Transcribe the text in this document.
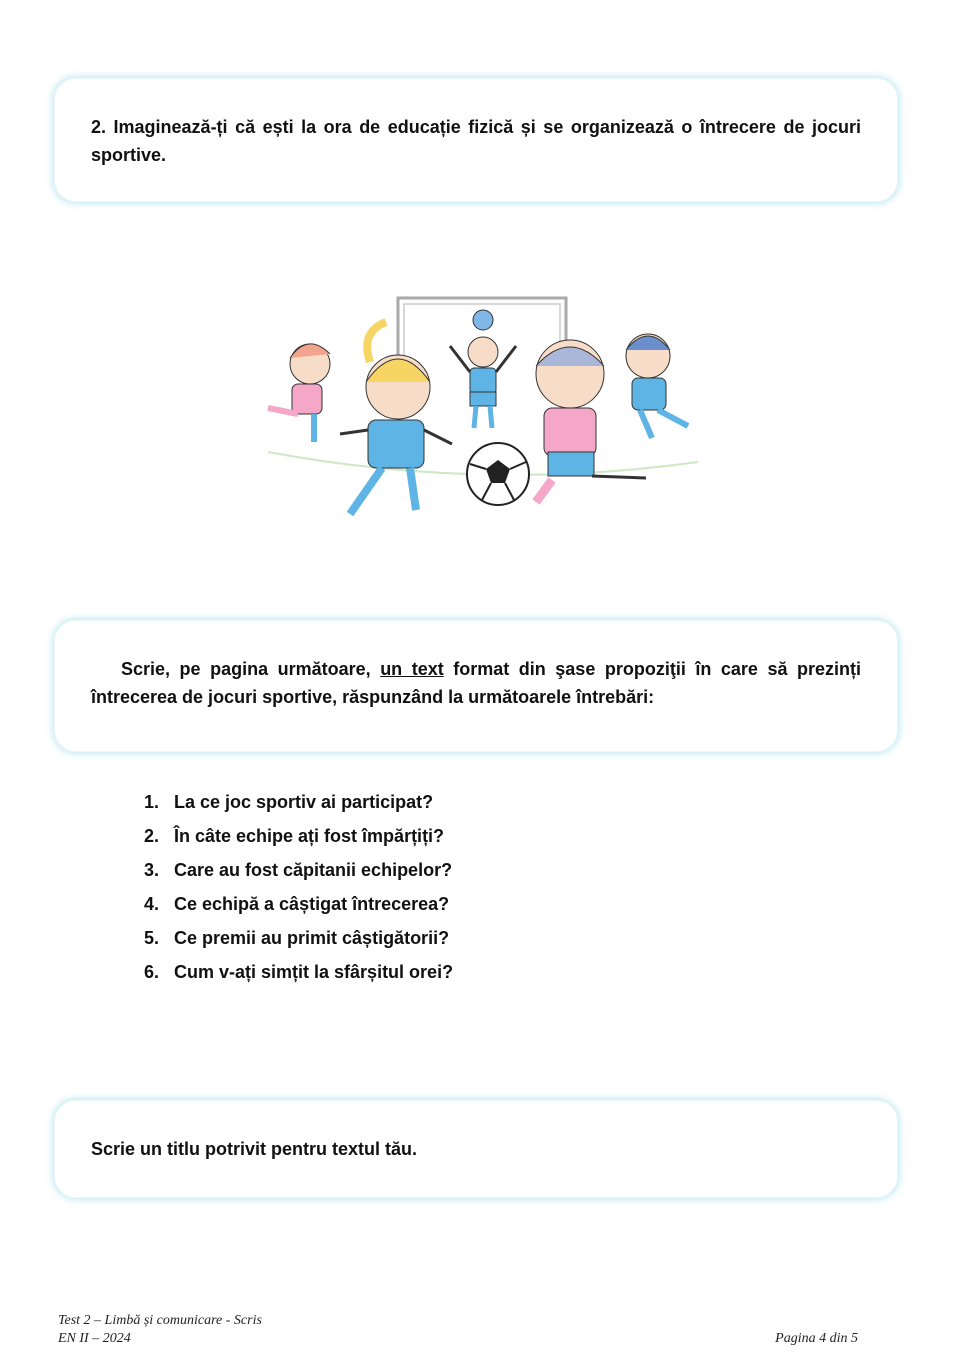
2. Imaginează-ți că ești la ora de educație fizică și se organizează o întrecere de jocuri sportive.
Scrie, pe pagina următoare, un text format din şase propoziţii în care să prezinți întrecerea de jocuri sportive, răspunzând la următoarele întrebări:
1. La ce joc sportiv ai participat?
2. În câte echipe ați fost împărțiți?
3. Care au fost căpitanii echipelor?
4. Ce echipă a câștigat întrecerea?
5. Ce premii au primit câștigătorii?
6. Cum v-ați simțit la sfârșitul orei?
Scrie un titlu potrivit pentru textul tău.
Test 2 – Limbă și comunicare - Scris
EN II – 2024	Pagina 4 din 5
